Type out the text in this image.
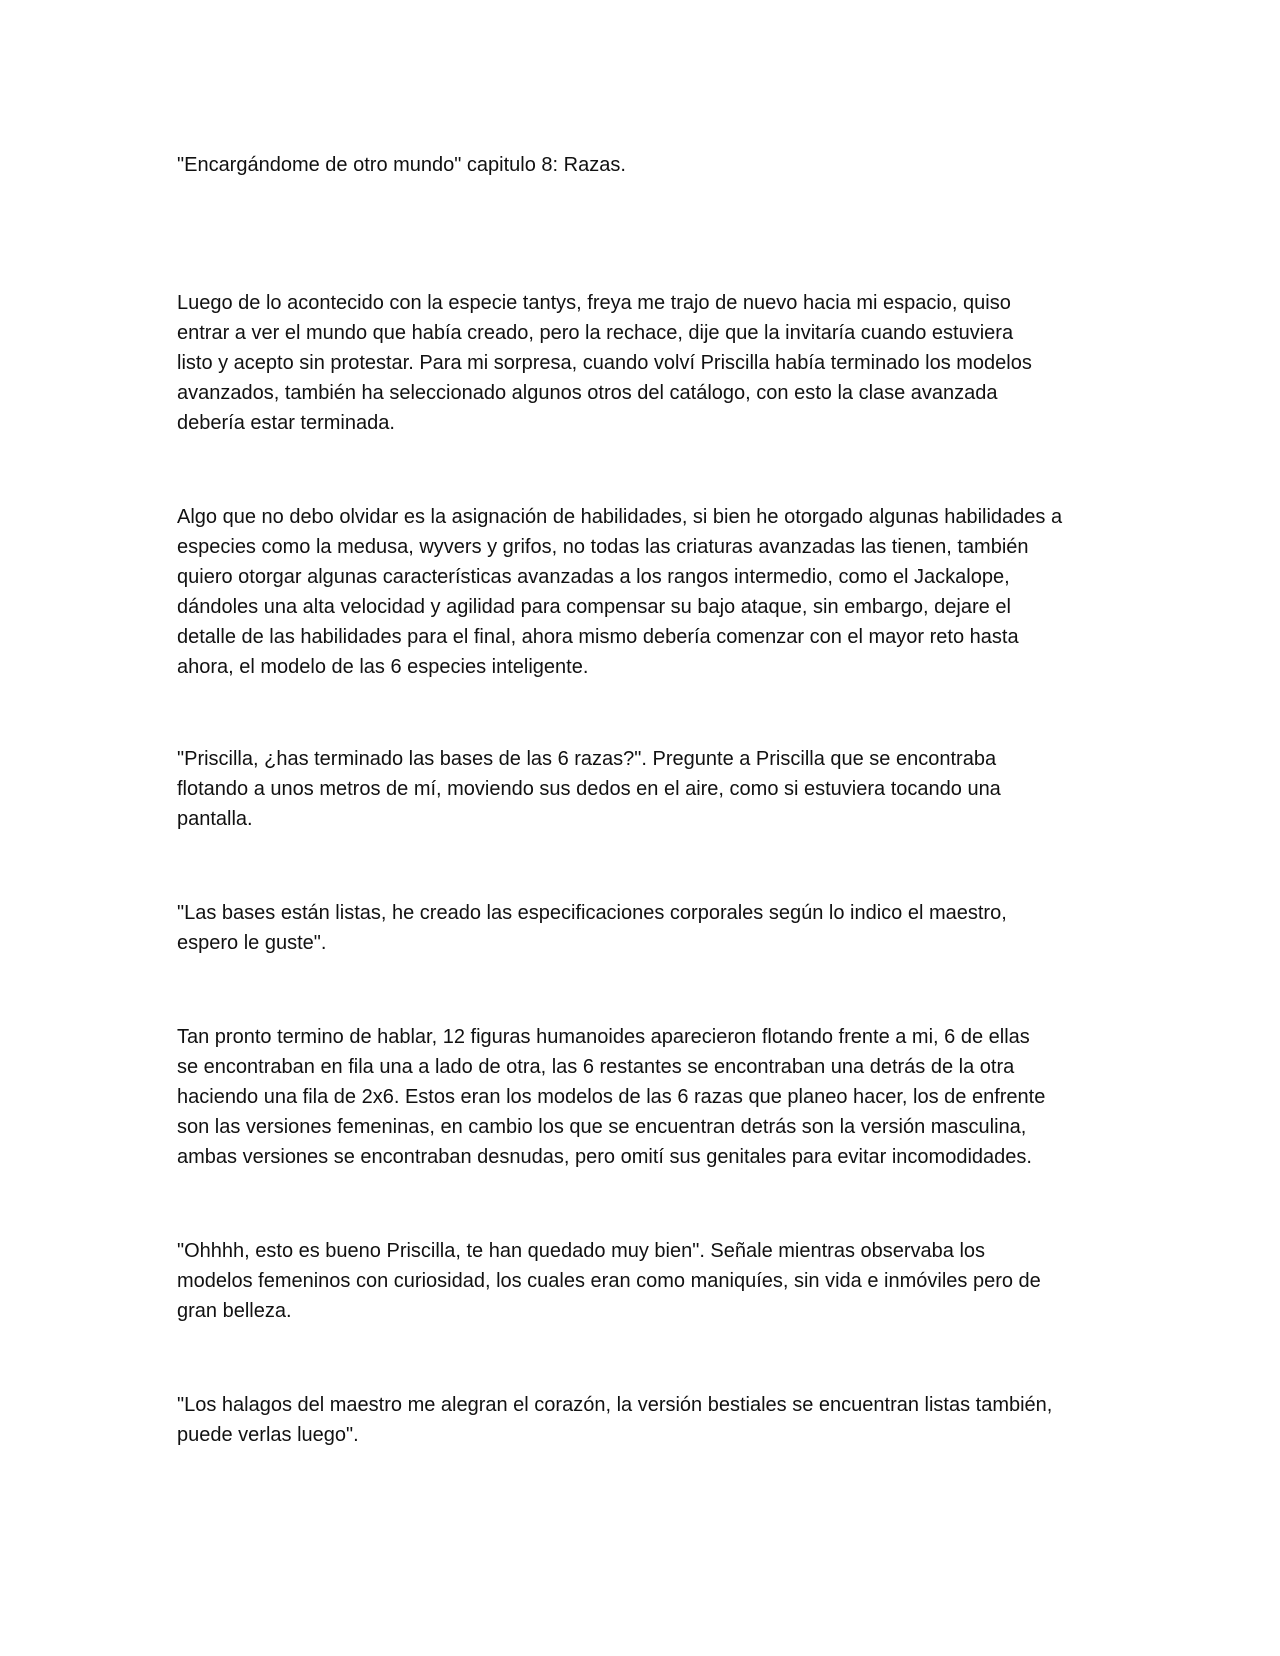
"Encargándome de otro mundo" capitulo 8: Razas.

Luego de lo acontecido con la especie tantys, freya me trajo de nuevo hacia mi espacio, quiso
entrar a ver el mundo que había creado, pero la rechace, dije que la invitaría cuando estuviera
listo y acepto sin protestar. Para mi sorpresa, cuando volví Priscilla había terminado los modelos
avanzados, también ha seleccionado algunos otros del catálogo, con esto la clase avanzada
debería estar terminada.

Algo que no debo olvidar es la asignación de habilidades, si bien he otorgado algunas habilidades a
especies como la medusa, wyvers y grifos, no todas las criaturas avanzadas las tienen, también
quiero otorgar algunas características avanzadas a los rangos intermedio, como el Jackalope,
dándoles una alta velocidad y agilidad para compensar su bajo ataque, sin embargo, dejare el
detalle de las habilidades para el final, ahora mismo debería comenzar con el mayor reto hasta
ahora, el modelo de las 6 especies inteligente.

"Priscilla, ¿has terminado las bases de las 6 razas?". Pregunte a Priscilla que se encontraba
flotando a unos metros de mí, moviendo sus dedos en el aire, como si estuviera tocando una
pantalla.

"Las bases están listas, he creado las especificaciones corporales según lo indico el maestro,
espero le guste".

Tan pronto termino de hablar, 12 figuras humanoides aparecieron flotando frente a mi, 6 de ellas
se encontraban en fila una a lado de otra, las 6 restantes se encontraban una detrás de la otra
haciendo una fila de 2x6. Estos eran los modelos de las 6 razas que planeo hacer, los de enfrente
son las versiones femeninas, en cambio los que se encuentran detrás son la versión masculina,
ambas versiones se encontraban desnudas, pero omití sus genitales para evitar incomodidades.

"Ohhhh, esto es bueno Priscilla, te han quedado muy bien". Señale mientras observaba los
modelos femeninos con curiosidad, los cuales eran como maniquíes, sin vida e inmóviles pero de
gran belleza.

"Los halagos del maestro me alegran el corazón, la versión bestiales se encuentran listas también,
puede verlas luego".
